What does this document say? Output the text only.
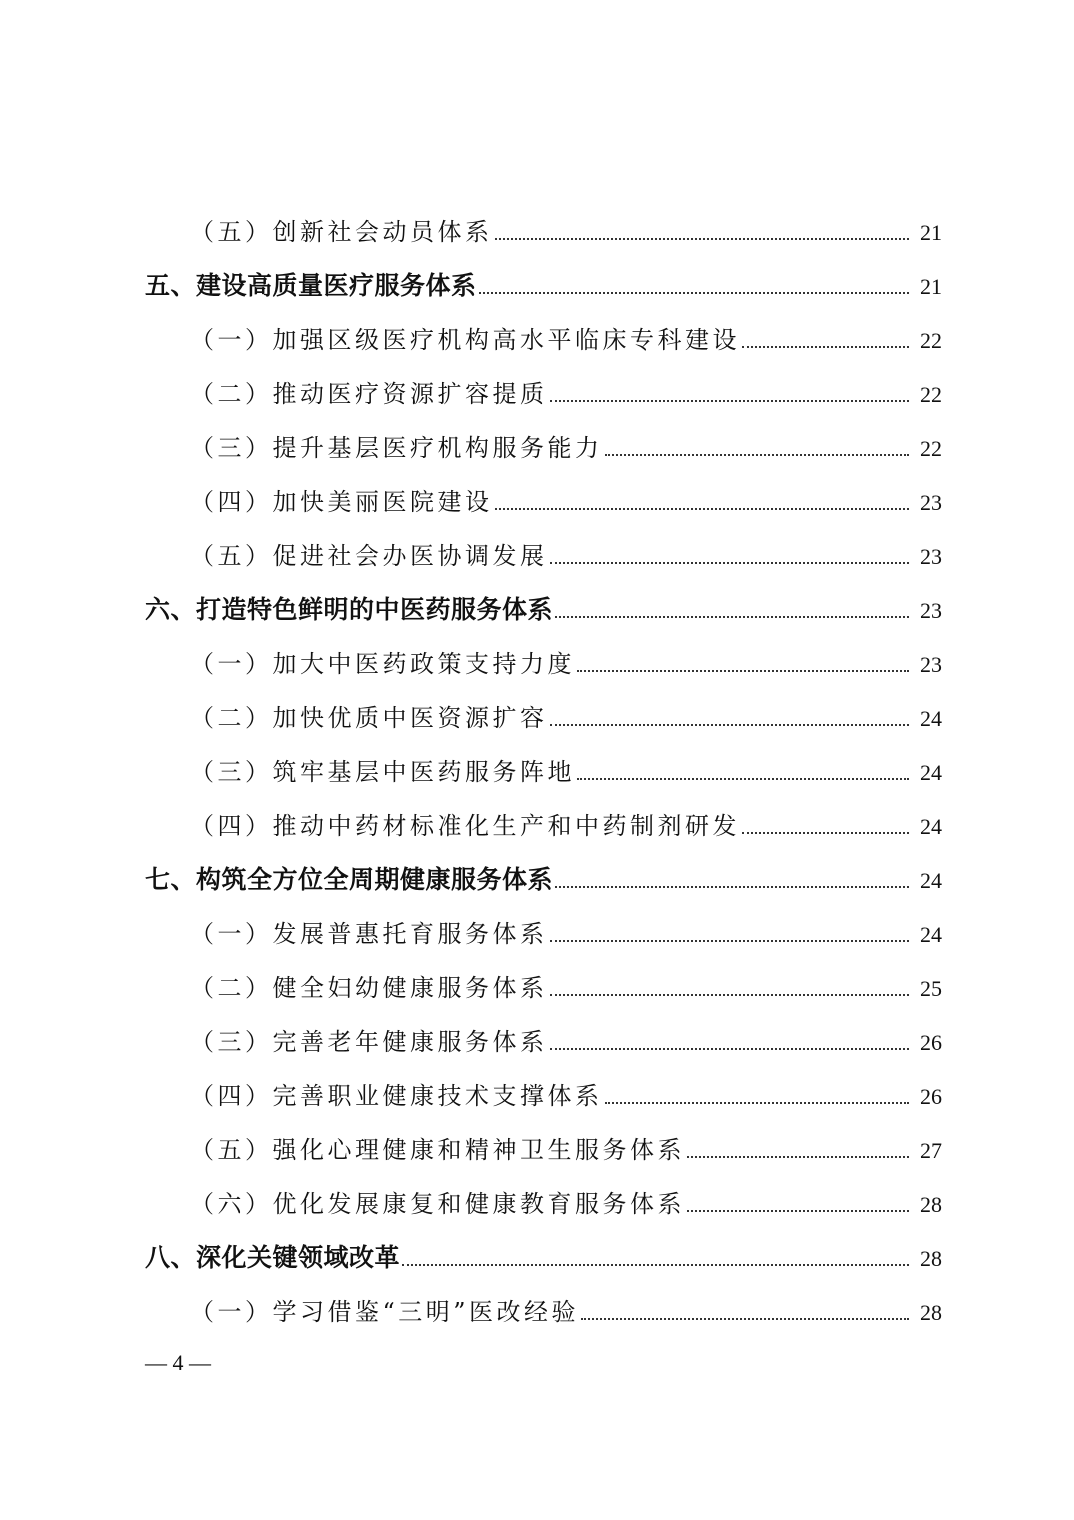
（五）创新社会动员体系	21
五、建设高质量医疗服务体系	21
（一）加强区级医疗机构高水平临床专科建设	22
（二）推动医疗资源扩容提质	22
（三）提升基层医疗机构服务能力	22
（四）加快美丽医院建设	23
（五）促进社会办医协调发展	23
六、打造特色鲜明的中医药服务体系	23
（一）加大中医药政策支持力度	23
（二）加快优质中医资源扩容	24
（三）筑牢基层中医药服务阵地	24
（四）推动中药材标准化生产和中药制剂研发	24
七、构筑全方位全周期健康服务体系	24
（一）发展普惠托育服务体系	24
（二）健全妇幼健康服务体系	25
（三）完善老年健康服务体系	26
（四）完善职业健康技术支撑体系	26
（五）强化心理健康和精神卫生服务体系	27
（六）优化发展康复和健康教育服务体系	28
八、深化关键领域改革	28
（一）学习借鉴“三明”医改经验	28
— 4 —
